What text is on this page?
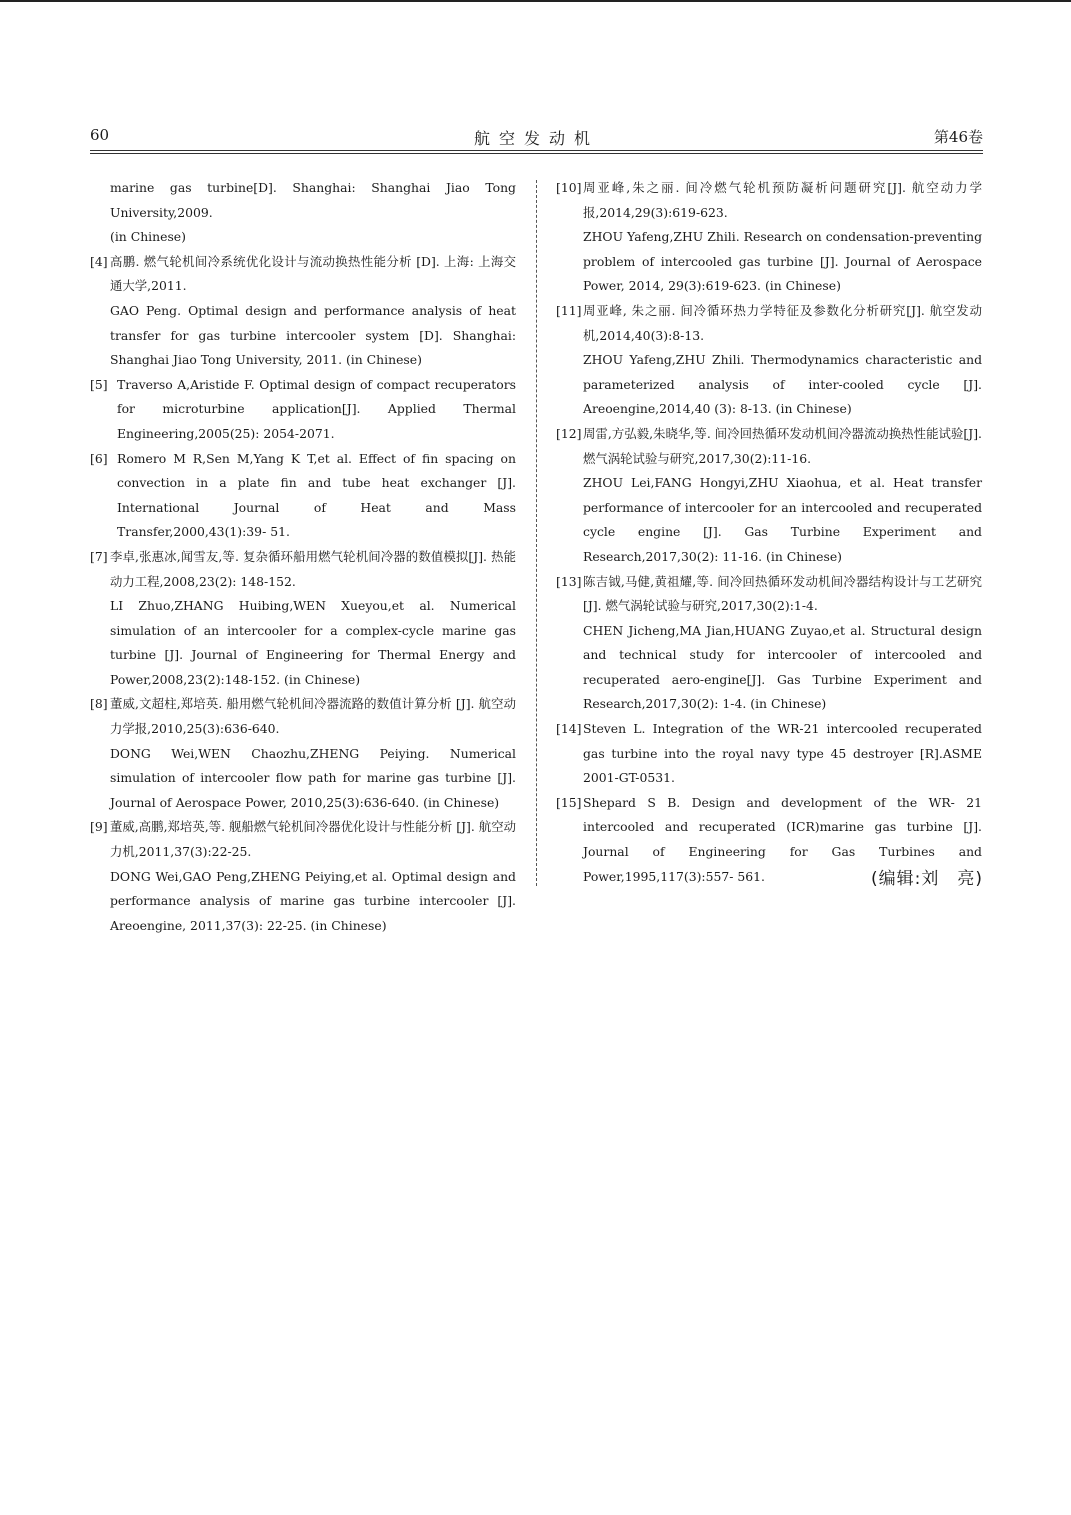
60	航空发动机	第46卷

marine gas turbine[D]. Shanghai: Shanghai Jiao Tong University,2009.

(in Chinese)

[4] 高鹏. 燃气轮机间冷系统优化设计与流动换热性能分析 [D]. 上海: 上海交通大学,2011.

GAO Peng. Optimal design and performance analysis of heat transfer for gas turbine intercooler system [D]. Shanghai: Shanghai Jiao Tong University, 2011. (in Chinese)

[5] Traverso A,Aristide F. Optimal design of compact recuperators for microturbine application[J]. Applied Thermal Engineering,2005(25): 2054-2071.

[6] Romero M R,Sen M,Yang K T,et al. Effect of fin spacing on convection in a plate fin and tube heat exchanger [J]. International Journal of Heat and Mass Transfer,2000,43(1):39- 51.

[7] 李卓,张惠冰,闻雪友,等. 复杂循环船用燃气轮机间冷器的数值模拟[J]. 热能动力工程,2008,23(2): 148-152.

LI Zhuo,ZHANG Huibing,WEN Xueyou,et al. Numerical simulation of an intercooler for a complex-cycle marine gas turbine [J]. Journal of Engineering for Thermal Energy and Power,2008,23(2):148-152. (in Chinese)

[8] 董威,文超柱,郑培英. 船用燃气轮机间冷器流路的数值计算分析 [J]. 航空动力学报,2010,25(3):636-640.

DONG Wei,WEN Chaozhu,ZHENG Peiying. Numerical simulation of intercooler flow path for marine gas turbine [J]. Journal of Aerospace Power, 2010,25(3):636-640. (in Chinese)

[9] 董威,高鹏,郑培英,等. 舰船燃气轮机间冷器优化设计与性能分析 [J]. 航空动力机,2011,37(3):22-25.

DONG Wei,GAO Peng,ZHENG Peiying,et al. Optimal design and performance analysis of marine gas turbine intercooler [J]. Areoengine, 2011,37(3): 22-25. (in Chinese)

[10] 周亚峰,朱之丽. 间冷燃气轮机预防凝析问题研究[J]. 航空动力学报,2014,29(3):619-623.

ZHOU Yafeng,ZHU Zhili. Research on condensation-preventing problem of intercooled gas turbine [J]. Journal of Aerospace Power, 2014, 29(3):619-623. (in Chinese)

[11] 周亚峰, 朱之丽. 间冷循环热力学特征及参数化分析研究[J]. 航空发动机,2014,40(3):8-13.

ZHOU Yafeng,ZHU Zhili. Thermodynamics characteristic and parameterized analysis of inter-cooled cycle [J]. Areoengine,2014,40 (3): 8-13. (in Chinese)

[12] 周雷,方弘毅,朱晓华,等. 间冷回热循环发动机间冷器流动换热性能试验[J]. 燃气涡轮试验与研究,2017,30(2):11-16.

ZHOU Lei,FANG Hongyi,ZHU Xiaohua, et al. Heat transfer performance of intercooler for an intercooled and recuperated cycle engine [J]. Gas Turbine Experiment and Research,2017,30(2): 11-16. (in Chinese)

[13] 陈吉钺,马健,黄祖耀,等. 间冷回热循环发动机间冷器结构设计与工艺研究[J]. 燃气涡轮试验与研究,2017,30(2):1-4.

CHEN Jicheng,MA Jian,HUANG Zuyao,et al. Structural design and technical study for intercooler of intercooled and recuperated aero-engine[J]. Gas Turbine Experiment and Research,2017,30(2): 1-4. (in Chinese)

[14] Steven L. Integration of the WR-21 intercooled recuperated gas turbine into the royal navy type 45 destroyer [R].ASME 2001-GT-0531.

[15] Shepard S B. Design and development of the WR- 21 intercooled and recuperated (ICR)marine gas turbine [J]. Journal of Engineering for Gas Turbines and Power,1995,117(3):557- 561.	(编辑:刘　亮)
